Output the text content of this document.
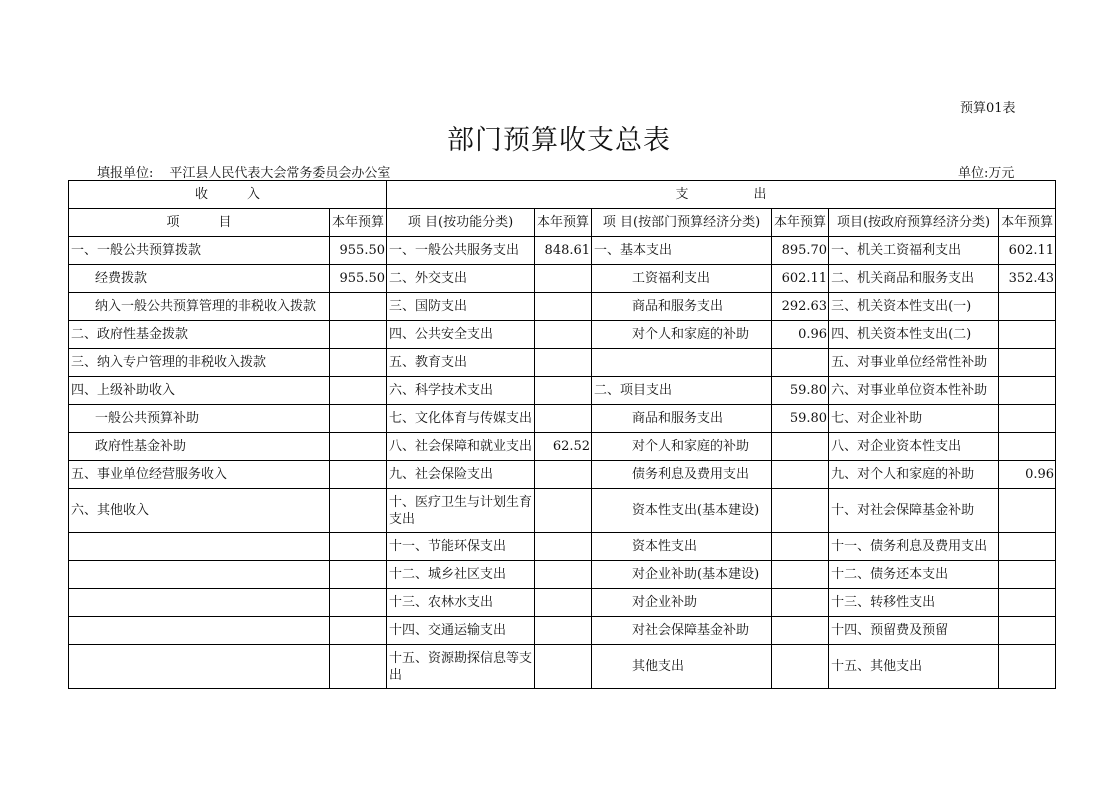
预算01表
部门预算收支总表
填报单位: 平江县人民代表大会常务委员会办公室	单位:万元
收　　　入		支　　　　　出					
项　　　目	本年预算	项 目(按功能分类)	本年预算	项 目(按部门预算经济分类)	本年预算	项目(按政府预算经济分类)	本年预算
一、一般公共预算拨款	955.50	一、一般公共服务支出	848.61	一、基本支出	895.70	一、机关工资福利支出	602.11
经费拨款	955.50	二、外交支出		工资福利支出	602.11	二、机关商品和服务支出	352.43
纳入一般公共预算管理的非税收入拨款		三、国防支出		商品和服务支出	292.63	三、机关资本性支出(一)	
二、政府性基金拨款		四、公共安全支出		对个人和家庭的补助	0.96	四、机关资本性支出(二)	
三、纳入专户管理的非税收入拨款		五、教育支出				五、对事业单位经常性补助	
四、上级补助收入		六、科学技术支出		二、项目支出	59.80	六、对事业单位资本性补助	
一般公共预算补助		七、文化体育与传媒支出		商品和服务支出	59.80	七、对企业补助	
政府性基金补助		八、社会保障和就业支出	62.52	对个人和家庭的补助		八、对企业资本性支出	
五、事业单位经营服务收入		九、社会保险支出		债务利息及费用支出		九、对个人和家庭的补助	0.96
六、其他收入		十、医疗卫生与计划生育支出		资本性支出(基本建设)		十、对社会保障基金补助	
		十一、节能环保支出		资本性支出		十一、债务利息及费用支出	
		十二、城乡社区支出		对企业补助(基本建设)		十二、债务还本支出	
		十三、农林水支出		对企业补助		十三、转移性支出	
		十四、交通运输支出		对社会保障基金补助		十四、预留费及预留	
		十五、资源勘探信息等支出		其他支出		十五、其他支出	
